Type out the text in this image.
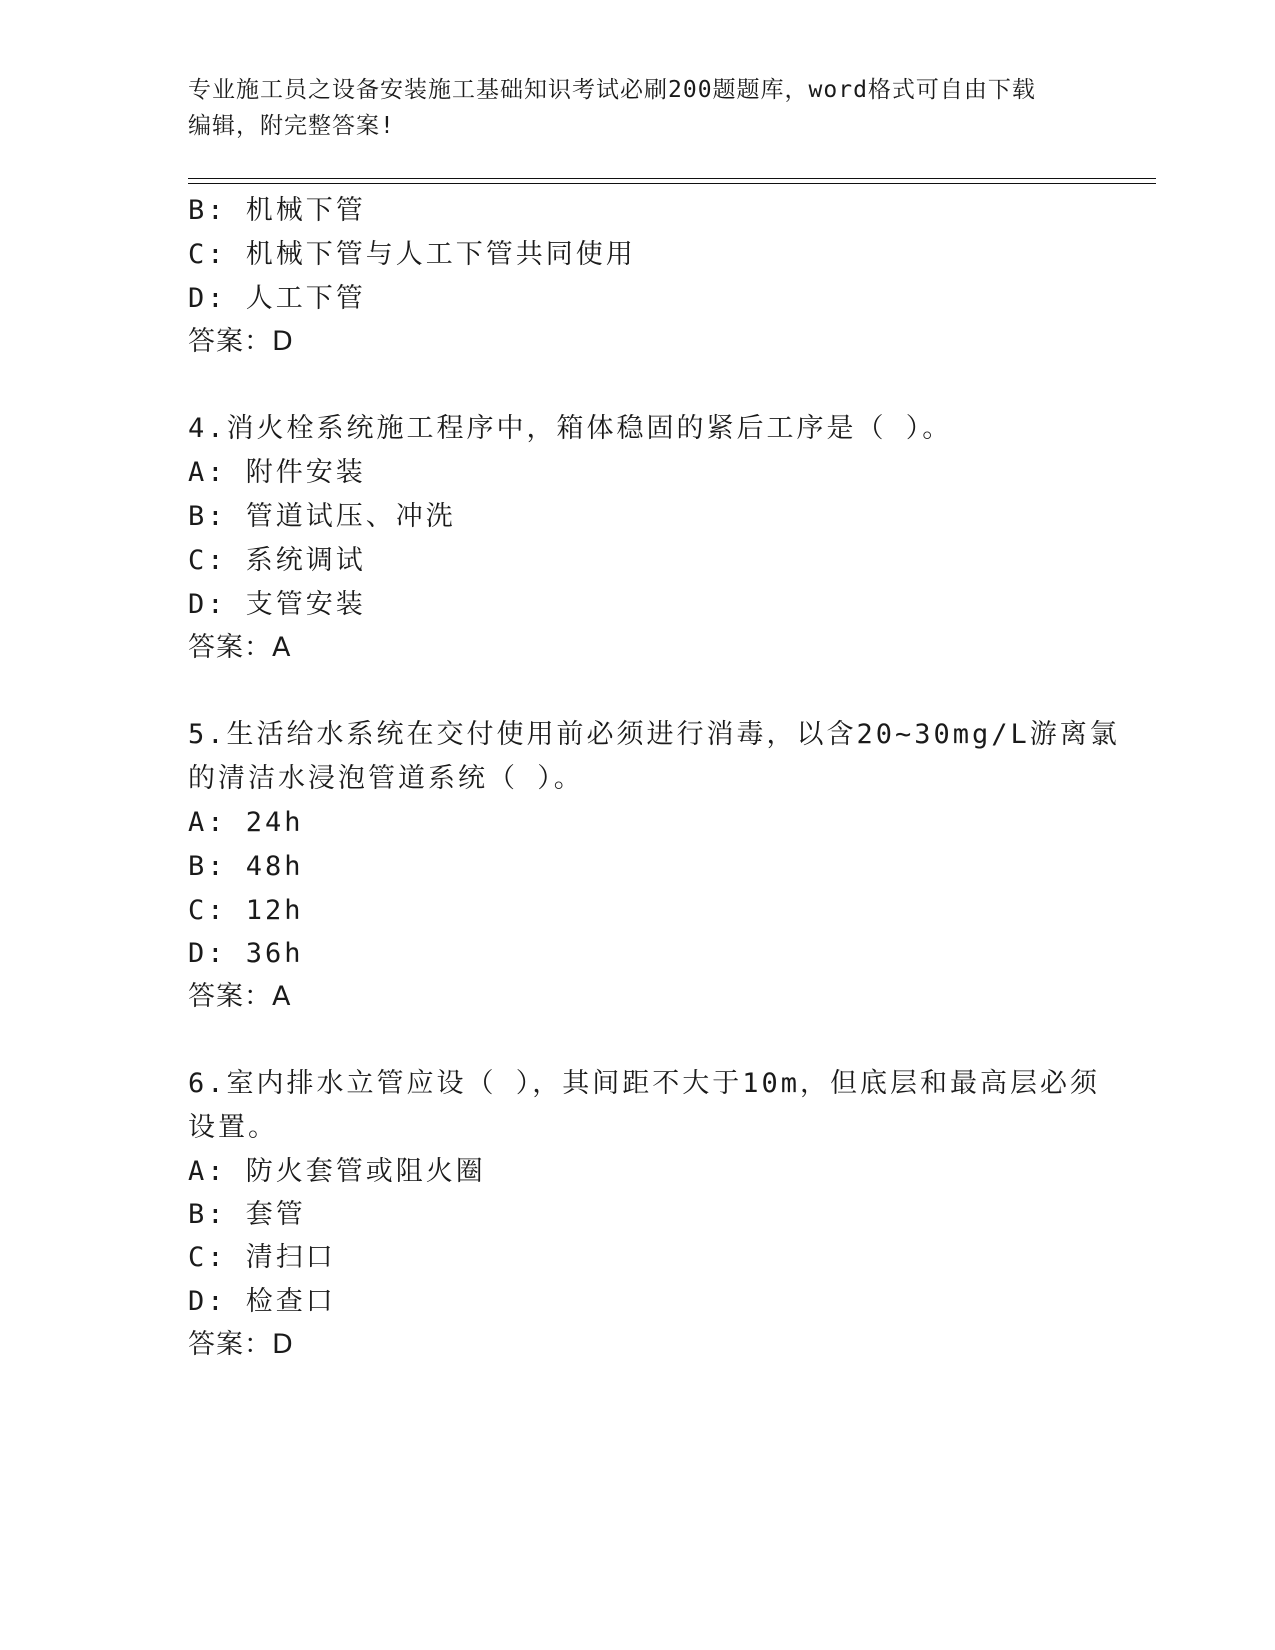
专业施工员之设备安装施工基础知识考试必刷200题题库，word格式可自由下载
编辑，附完整答案!
B: 机械下管
C: 机械下管与人工下管共同使用
D: 人工下管
答案：D
4.消火栓系统施工程序中，箱体稳固的紧后工序是（ ）。
A: 附件安装
B: 管道试压、冲洗
C: 系统调试
D: 支管安装
答案：A
5.生活给水系统在交付使用前必须进行消毒，以含20~30mg/L游离氯
的清洁水浸泡管道系统（ ）。
A: 24h
B: 48h
C: 12h
D: 36h
答案：A
6.室内排水立管应设（ ），其间距不大于10m，但底层和最高层必须
设置。
A: 防火套管或阻火圈
B: 套管
C: 清扫口
D: 检查口
答案：D
